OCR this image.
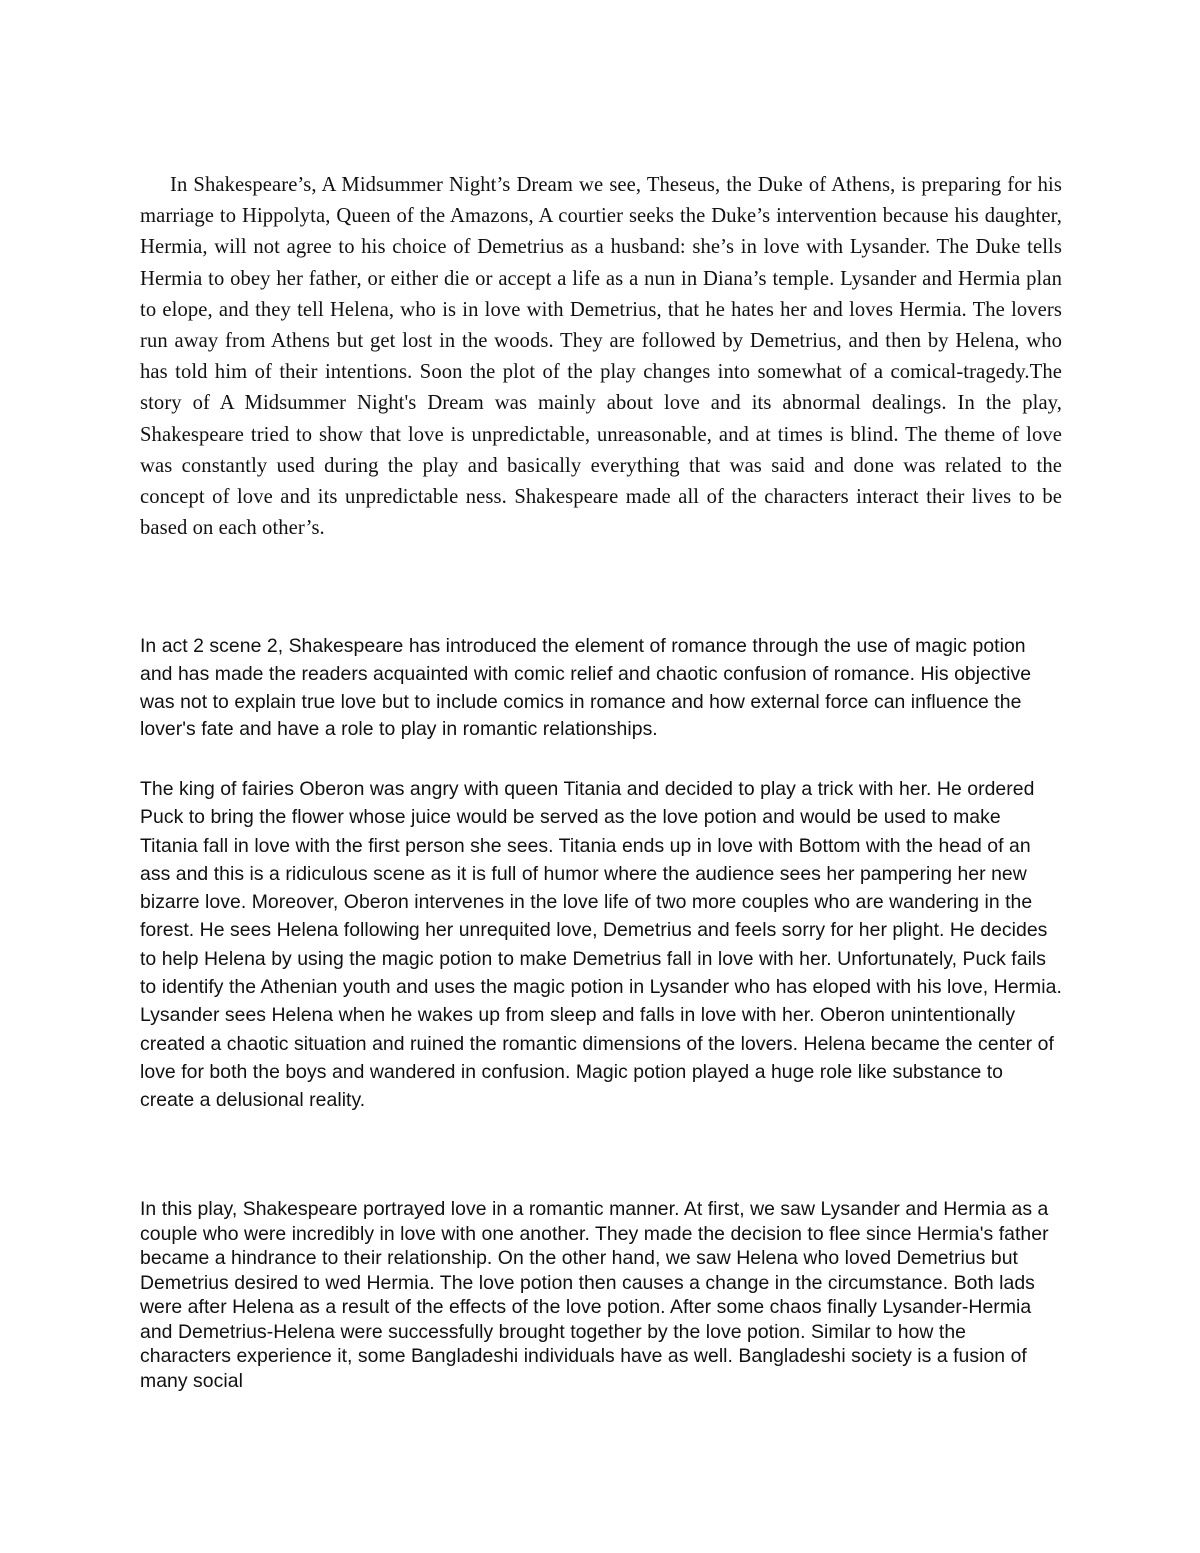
In Shakespeare’s, A Midsummer Night’s Dream we see, Theseus, the Duke of Athens, is preparing for his marriage to Hippolyta, Queen of the Amazons, A courtier seeks the Duke’s intervention because his daughter, Hermia, will not agree to his choice of Demetrius as a husband: she’s in love with Lysander. The Duke tells Hermia to obey her father, or either die or accept a life as a nun in Diana’s temple. Lysander and Hermia plan to elope, and they tell Helena, who is in love with Demetrius, that he hates her and loves Hermia. The lovers run away from Athens but get lost in the woods. They are followed by Demetrius, and then by Helena, who has told him of their intentions. Soon the plot of the play changes into somewhat of a comical-tragedy.The story of A Midsummer Night's Dream was mainly about love and its abnormal dealings. In the play, Shakespeare tried to show that love is unpredictable, unreasonable, and at times is blind. The theme of love was constantly used during the play and basically everything that was said and done was related to the concept of love and its unpredictable ness. Shakespeare made all of the characters interact their lives to be based on each other’s.

In act 2 scene 2, Shakespeare has introduced the element of romance through the use of magic potion and has made the readers acquainted with comic relief and chaotic confusion of romance. His objective was not to explain true love but to include comics in romance and how external force can influence the lover's fate and have a role to play in romantic relationships.

The king of fairies Oberon was angry with queen Titania and decided to play a trick with her. He ordered Puck to bring the flower whose juice would be served as the love potion and would be used to make Titania fall in love with the first person she sees. Titania ends up in love with Bottom with the head of an ass and this is a ridiculous scene as it is full of humor where the audience sees her pampering her new bizarre love. Moreover, Oberon intervenes in the love life of two more couples who are wandering in the forest. He sees Helena following her unrequited love, Demetrius and feels sorry for her plight. He decides to help Helena by using the magic potion to make Demetrius fall in love with her. Unfortunately, Puck fails to identify the Athenian youth and uses the magic potion in Lysander who has eloped with his love, Hermia. Lysander sees Helena when he wakes up from sleep and falls in love with her. Oberon unintentionally created a chaotic situation and ruined the romantic dimensions of the lovers. Helena became the center of love for both the boys and wandered in confusion. Magic potion played a huge role like substance to create a delusional reality.

In this play, Shakespeare portrayed love in a romantic manner. At first, we saw Lysander and Hermia as a couple who were incredibly in love with one another. They made the decision to flee since Hermia's father became a hindrance to their relationship. On the other hand, we saw Helena who loved Demetrius but Demetrius desired to wed Hermia. The love potion then causes a change in the circumstance. Both lads were after Helena as a result of the effects of the love potion. After some chaos finally Lysander-Hermia and Demetrius-Helena were successfully brought together by the love potion. Similar to how the characters experience it, some Bangladeshi individuals have as well. Bangladeshi society is a fusion of many social
